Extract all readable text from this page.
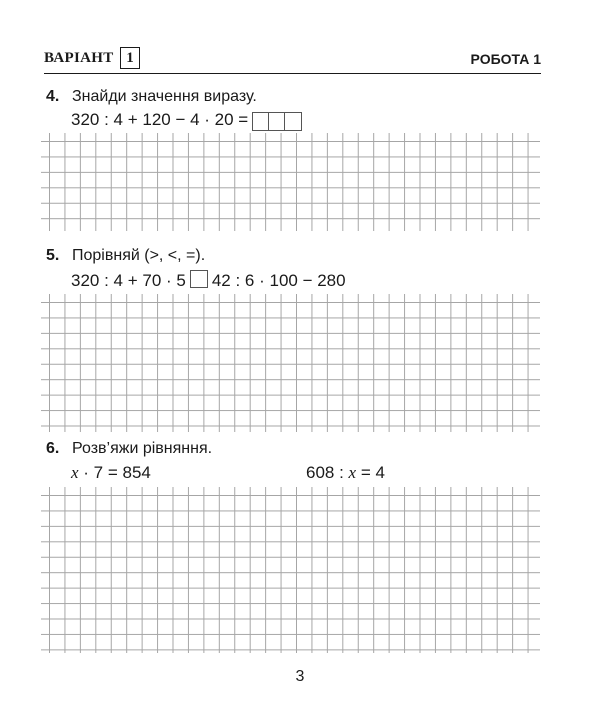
ВАРІАНТ 1	РОБОТА 1
4. Знайди значення виразу.
320 : 4 + 120 − 4 · 20 =
5. Порівняй (>, <, =).
320 : 4 + 70 · 5 42 : 6 · 100 − 280
6. Розв’яжи рівняння.
x · 7 = 854	608 : x = 4
3
